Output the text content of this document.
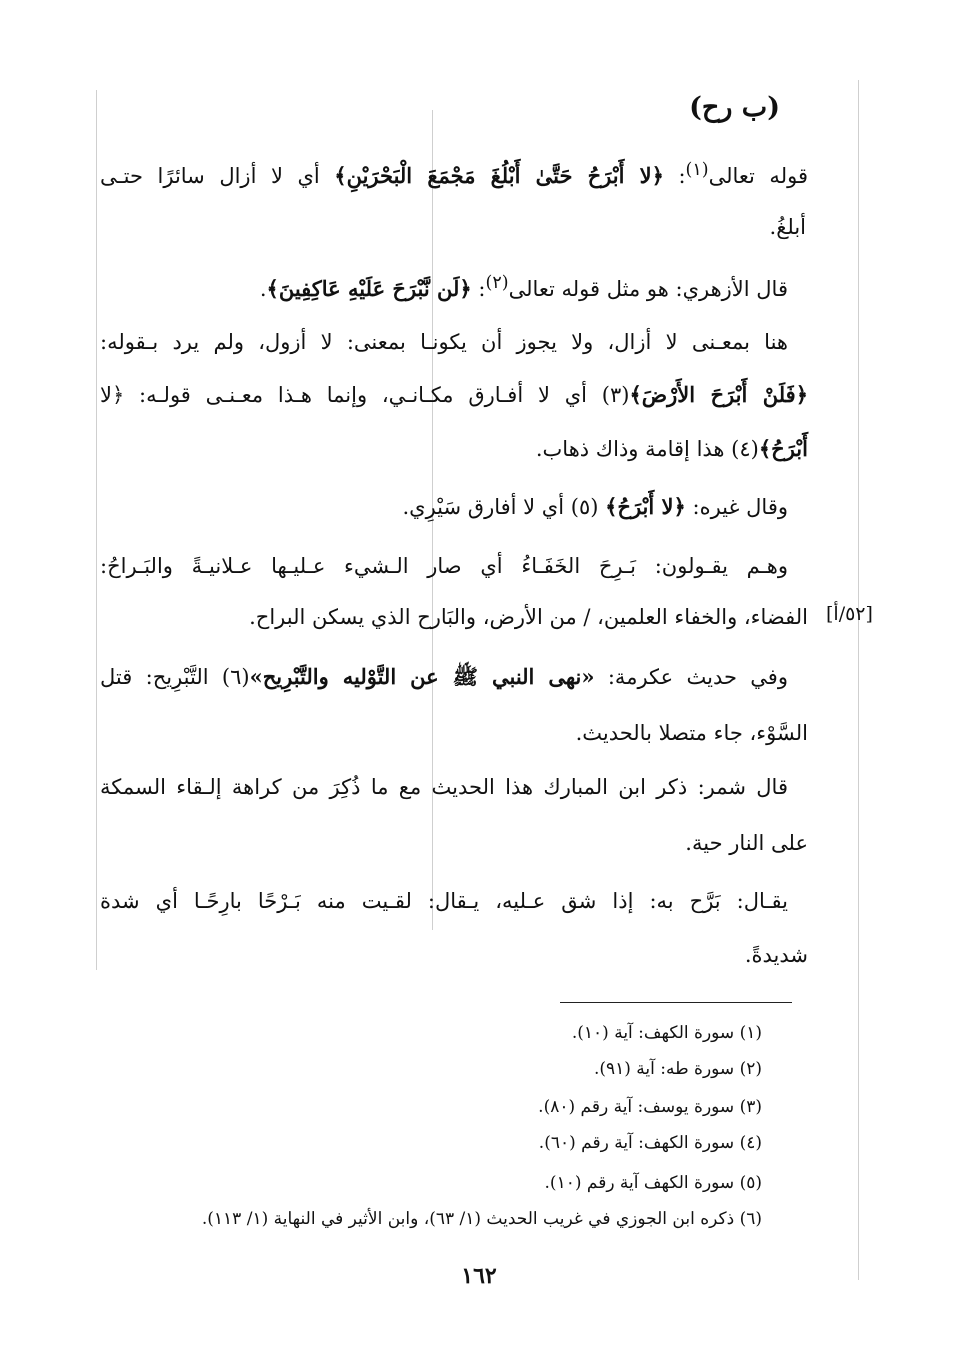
(ب رح)
قوله تعالى$^{(١)}$: ﴿لا أَبْرَحُ حَتَّىٰ أَبْلُغَ مَجْمَعَ الْبَحْرَيْنِ﴾ أي لا أزال سائرًا حتـى
أبلغُ.
قال الأزهري: هو مثل قوله تعالى$^{(٢)}$: ﴿لَن نَّبْرَحَ عَلَيْهِ عَاكِفِينَ﴾.
هنا بمعـنى لا أزال، ولا يجوز أن يكونـا بمعنى: لا أزول، ولم يرد بـقوله:
﴿فَلَنْ أَبْرَحَ الأَرْضَ﴾(٣) أي لا أفـارق مكـانـي، وإنما هـذا معـنـى قولـه: ﴿لا
أَبْرَحُ﴾(٤) هذا إقامة وذاك ذهاب.
وقال غيره: ﴿لا أَبْرَحُ﴾ (٥) أي لا أفارق سَيْرِي.
وهـم يقـولون: بَـرِحَ الخَفَـاءُ أي صار الـشيء عـليـها عـلانيـةً والبَـراحُ:
الفضاء، والخفاء العلمين، / من الأرض، والبَارح الذي يسكن البراح.
وفي حديث عكرمة: «نهى النبي ﷺ عن التَّوْليه والتَّبْرِيح»(٦) التَّبْرِيح: قتل
السَّوْء، جاء متصلا بالحديث.
قال شمر: ذكر ابن المبارك هذا الحديث مع ما ذُكِرَ من كراهة إلـقاء السمكة
على النار حية.
يقـال: بَرَّح به: إذا شق عـليه، يـقال: لقـيت منه بَـرْحًا بارِحًـا أي شدة
شديدةً.
[٥٢/أ]
(١) سورة الكهف: آية (١٠).
(٢) سورة طه: آية (٩١).
(٣) سورة يوسف: آية رقم (٨٠).
(٤) سورة الكهف: آية رقم (٦٠).
(٥) سورة الكهف آية رقم (١٠).
(٦) ذكره ابن الجوزي في غريب الحديث (١/ ٦٣)، وابن الأثير في النهاية (١/ ١١٣).
١٦٢
